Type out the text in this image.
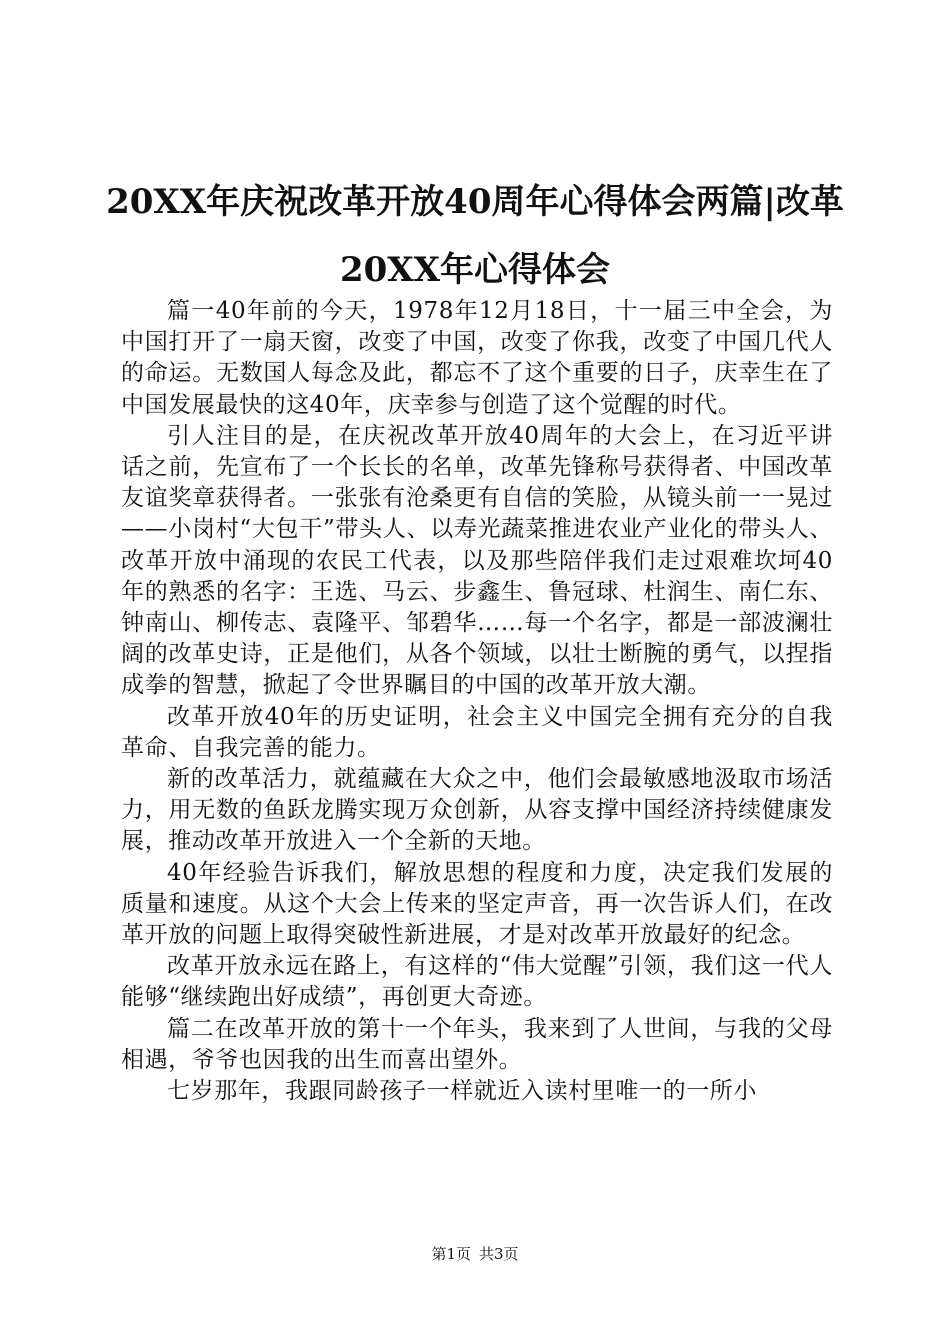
20XX年庆祝改革开放40周年心得体会两篇|改革20XX年心得体会

篇一40年前的今天，1978年12月18日，十一届三中全会，为中国打开了一扇天窗，改变了中国，改变了你我，改变了中国几代人的命运。无数国人每念及此，都忘不了这个重要的日子，庆幸生在了中国发展最快的这40年，庆幸参与创造了这个觉醒的时代。

引人注目的是，在庆祝改革开放40周年的大会上，在习近平讲话之前，先宣布了一个长长的名单，改革先锋称号获得者、中国改革友谊奖章获得者。一张张有沧桑更有自信的笑脸，从镜头前一一晃过——小岗村“大包干”带头人、以寿光蔬菜推进农业产业化的带头人、改革开放中涌现的农民工代表，以及那些陪伴我们走过艰难坎坷40年的熟悉的名字：王选、马云、步鑫生、鲁冠球、杜润生、南仁东、钟南山、柳传志、袁隆平、邹碧华……每一个名字，都是一部波澜壮阔的改革史诗，正是他们，从各个领域，以壮士断腕的勇气，以捏指成拳的智慧，掀起了令世界瞩目的中国的改革开放大潮。

改革开放40年的历史证明，社会主义中国完全拥有充分的自我革命、自我完善的能力。

新的改革活力，就蕴藏在大众之中，他们会最敏感地汲取市场活力，用无数的鱼跃龙腾实现万众创新，从容支撑中国经济持续健康发展，推动改革开放进入一个全新的天地。

40年经验告诉我们，解放思想的程度和力度，决定我们发展的质量和速度。从这个大会上传来的坚定声音，再一次告诉人们，在改革开放的问题上取得突破性新进展，才是对改革开放最好的纪念。

改革开放永远在路上，有这样的“伟大觉醒”引领，我们这一代人能够“继续跑出好成绩”，再创更大奇迹。

篇二在改革开放的第十一个年头，我来到了人世间，与我的父母相遇，爷爷也因我的出生而喜出望外。

七岁那年，我跟同龄孩子一样就近入读村里唯一的一所小

第1页 共3页
